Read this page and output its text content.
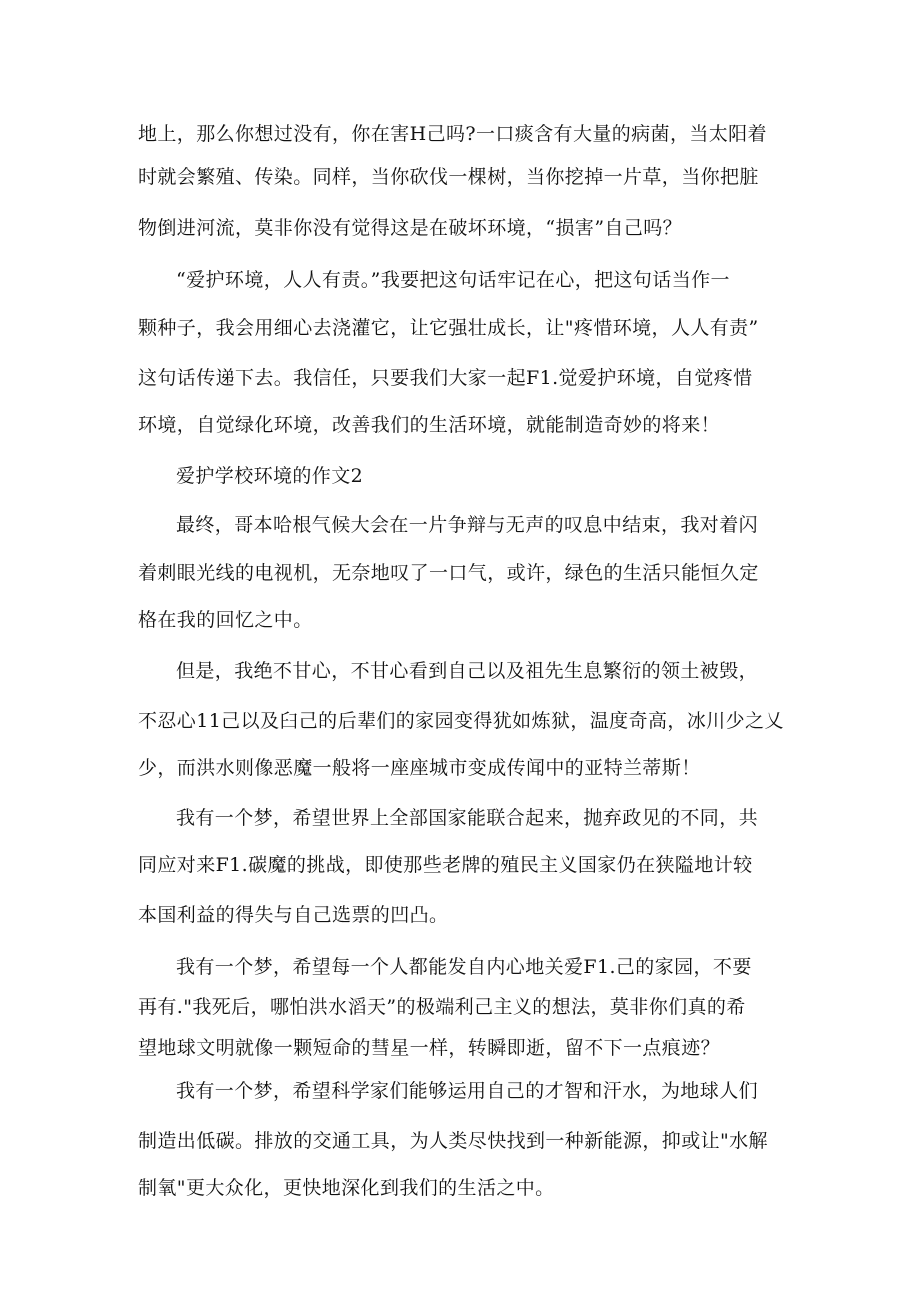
地上，那么你想过没有，你在害H己吗?一口痰含有大量的病菌，当太阳着
时就会繁殖、传染。同样，当你砍伐一棵树，当你挖掉一片草，当你把脏
物倒进河流，莫非你没有觉得这是在破坏环境，“损害”自己吗？
“爱护环境，人人有责。”我要把这句话牢记在心，把这句话当作一
颗种子，我会用细心去浇灌它，让它强壮成长，让"疼惜环境，人人有责”
这句话传递下去。我信任，只要我们大家一起F1.觉爱护环境，自觉疼惜
环境，自觉绿化环境，改善我们的生活环境，就能制造奇妙的将来！
爱护学校环境的作文2
最终，哥本哈根气候大会在一片争辩与无声的叹息中结束，我对着闪
着刺眼光线的电视机，无奈地叹了一口气，或许，绿色的生活只能恒久定
格在我的回忆之中。
但是，我绝不甘心，不甘心看到自己以及祖先生息繁衍的领土被毁，
不忍心11己以及臼己的后辈们的家园变得犹如炼狱，温度奇高，冰川少之乂
少，而洪水则像恶魔一般将一座座城市变成传闻中的亚特兰蒂斯！
我有一个梦，希望世界上全部国家能联合起来，抛弃政见的不同，共
同应对来F1.碳魔的挑战，即使那些老牌的殖民主义国家仍在狭隘地计较
本国利益的得失与自己选票的凹凸。
我有一个梦，希望每一个人都能发自内心地关爱F1.己的家园，不要
再有."我死后，哪怕洪水滔天”的极端利己主义的想法，莫非你们真的希
望地球文明就像一颗短命的彗星一样，转瞬即逝，留不下一点痕迹？
我有一个梦，希望科学家们能够运用自己的才智和汗水，为地球人们
制造出低碳。排放的交通工具，为人类尽快找到一种新能源，抑或让"水解
制氧"更大众化，更快地深化到我们的生活之中。
